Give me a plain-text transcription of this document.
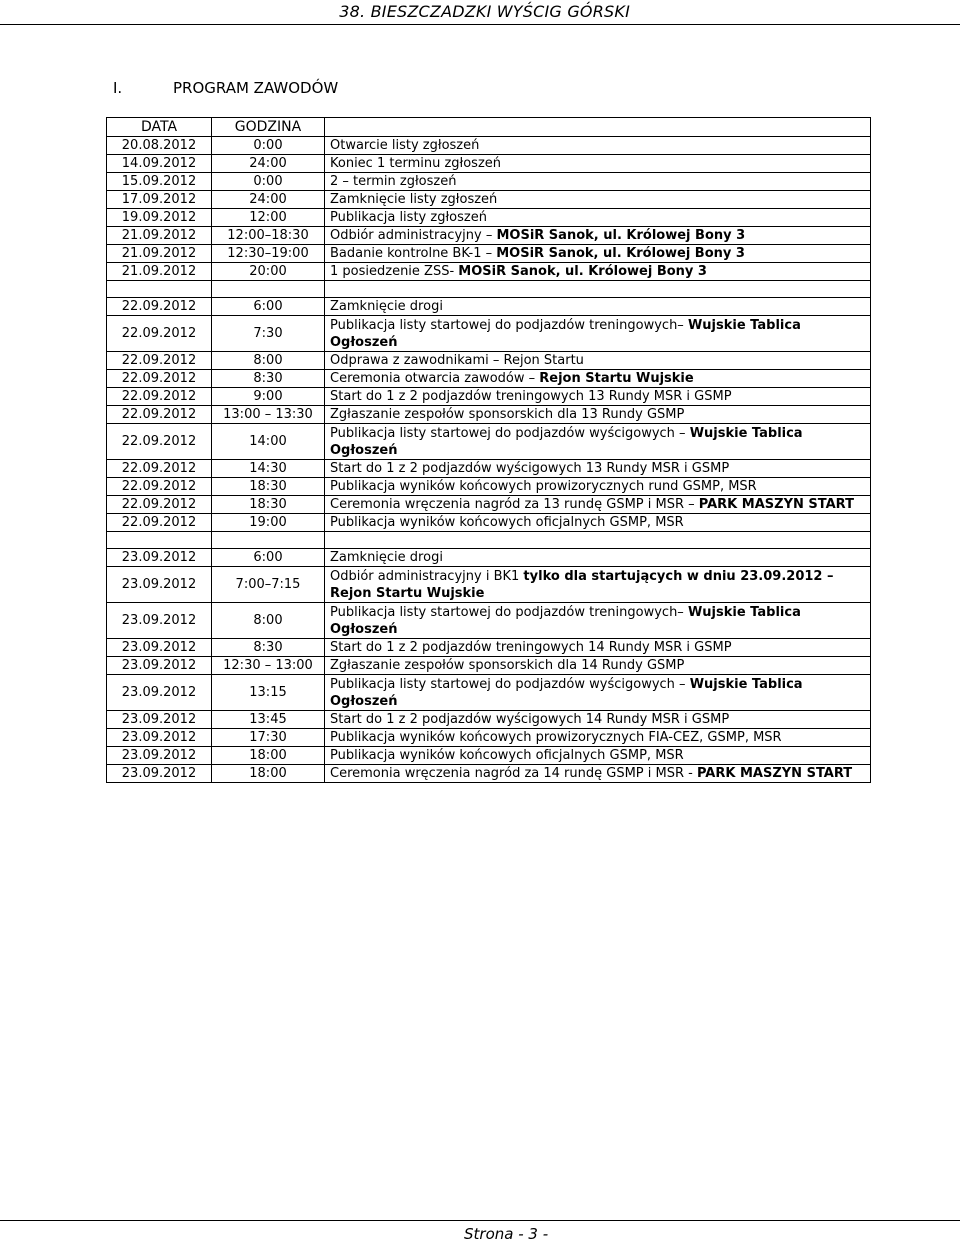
38. BIESZCZADZKI WYŚCIG GÓRSKI
I.	PROGRAM ZAWODÓW
DATA	GODZINA	
20.08.2012	0:00	Otwarcie listy zgłoszeń
14.09.2012	24:00	Koniec 1 terminu zgłoszeń
15.09.2012	0:00	2 – termin zgłoszeń
17.09.2012	24:00	Zamknięcie listy zgłoszeń
19.09.2012	12:00	Publikacja listy zgłoszeń
21.09.2012	12:00–18:30	Odbiór administracyjny – MOSiR Sanok, ul. Królowej Bony 3
21.09.2012	12:30–19:00	Badanie kontrolne BK-1 – MOSiR Sanok, ul. Królowej Bony 3
21.09.2012	20:00	1 posiedzenie ZSS- MOSiR Sanok, ul. Królowej Bony 3

22.09.2012	6:00	Zamknięcie drogi
22.09.2012	7:30	Publikacja listy startowej do podjazdów treningowych– Wujskie Tablica Ogłoszeń
22.09.2012	8:00	Odprawa z zawodnikami – Rejon Startu
22.09.2012	8:30	Ceremonia otwarcia zawodów – Rejon Startu Wujskie
22.09.2012	9:00	Start do 1 z 2 podjazdów treningowych 13 Rundy MSR i GSMP
22.09.2012	13:00 – 13:30	Zgłaszanie zespołów sponsorskich dla 13 Rundy GSMP
22.09.2012	14:00	Publikacja listy startowej do podjazdów wyścigowych – Wujskie Tablica Ogłoszeń
22.09.2012	14:30	Start do 1 z 2 podjazdów wyścigowych 13 Rundy MSR i GSMP
22.09.2012	18:30	Publikacja wyników końcowych prowizorycznych rund GSMP, MSR
22.09.2012	18:30	Ceremonia wręczenia nagród za 13 rundę GSMP i MSR – PARK MASZYN START
22.09.2012	19:00	Publikacja wyników końcowych oficjalnych GSMP, MSR

23.09.2012	6:00	Zamknięcie drogi
23.09.2012	7:00–7:15	Odbiór administracyjny i BK1 tylko dla startujących w dniu 23.09.2012 – Rejon Startu Wujskie
23.09.2012	8:00	Publikacja listy startowej do podjazdów treningowych– Wujskie Tablica Ogłoszeń
23.09.2012	8:30	Start do 1 z 2 podjazdów treningowych 14 Rundy MSR i GSMP
23.09.2012	12:30 – 13:00	Zgłaszanie zespołów sponsorskich dla 14 Rundy GSMP
23.09.2012	13:15	Publikacja listy startowej do podjazdów wyścigowych – Wujskie Tablica Ogłoszeń
23.09.2012	13:45	Start do 1 z 2 podjazdów wyścigowych 14 Rundy MSR i GSMP
23.09.2012	17:30	Publikacja wyników końcowych prowizorycznych FIA-CEZ, GSMP, MSR
23.09.2012	18:00	Publikacja wyników końcowych oficjalnych GSMP, MSR
23.09.2012	18:00	Ceremonia wręczenia nagród za 14 rundę GSMP i MSR - PARK MASZYN START
Strona - 3 -
